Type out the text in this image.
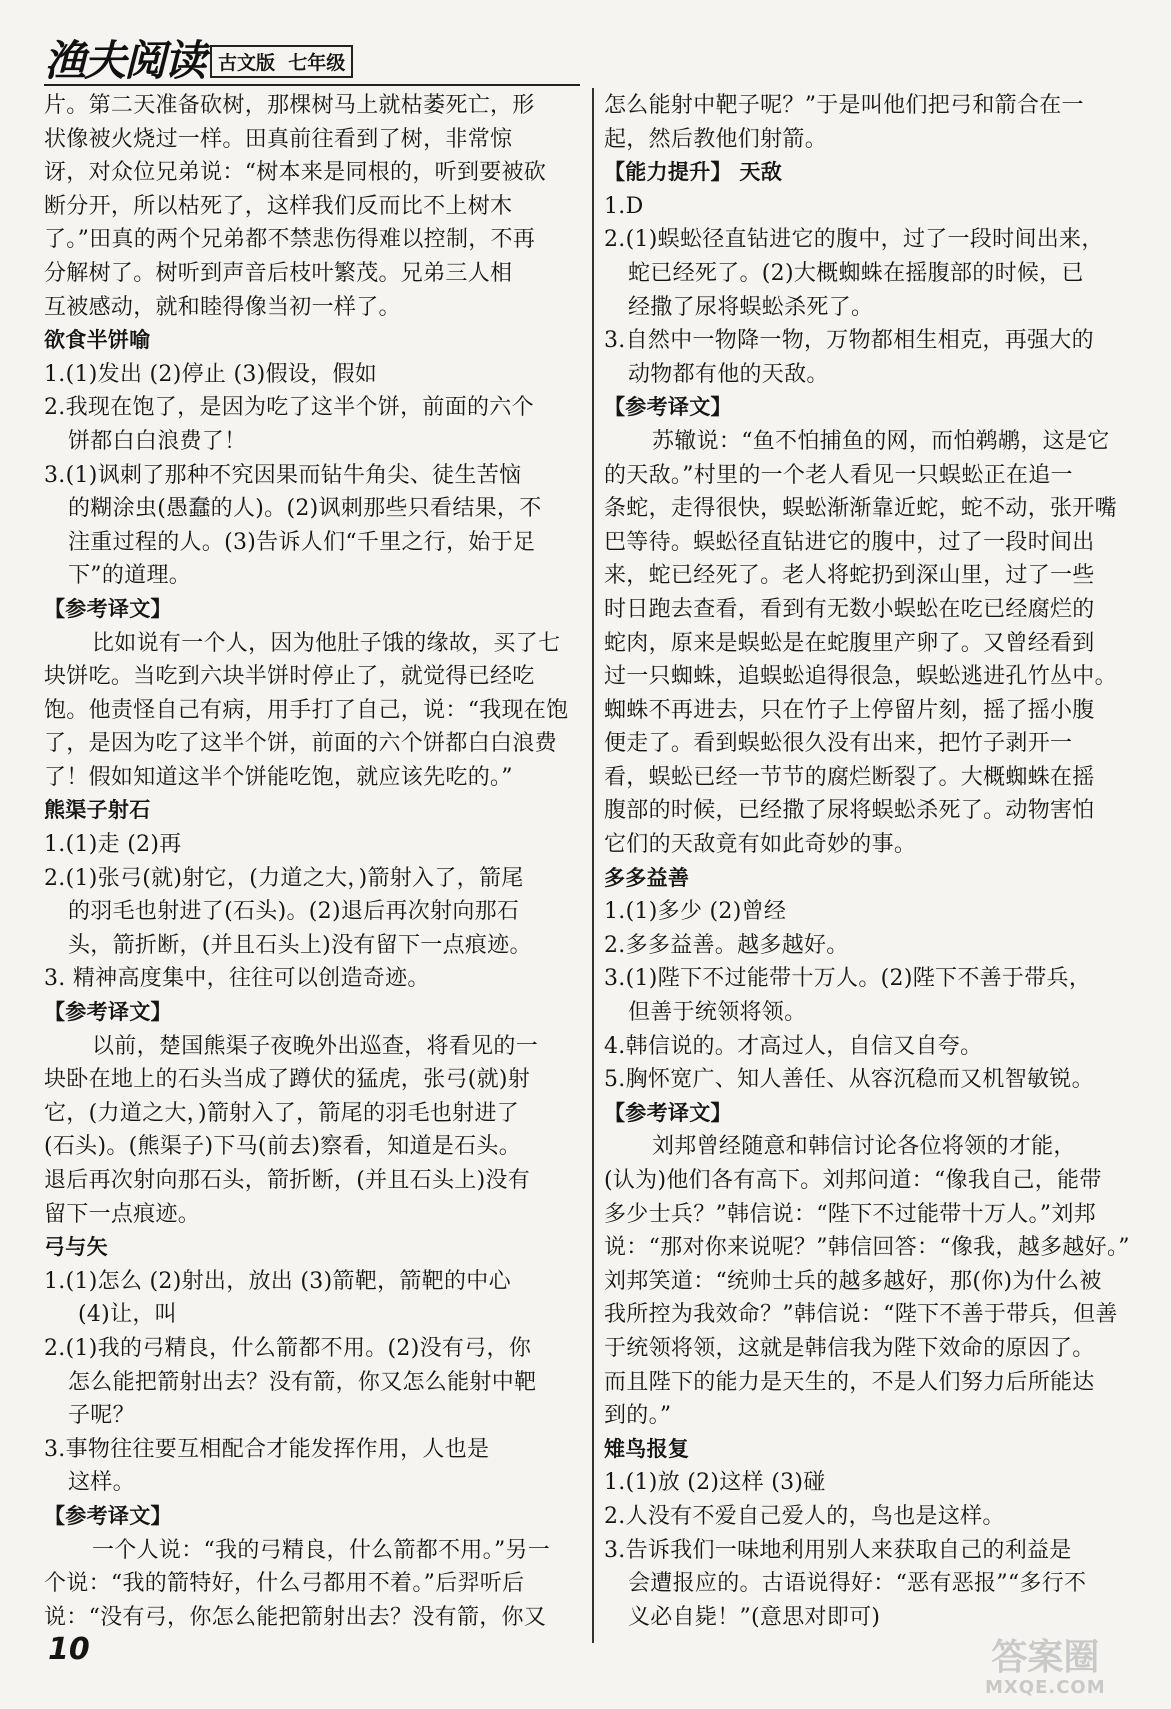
渔夫阅读 古文版  七年级
片。第二天准备砍树，那棵树马上就枯萎死亡，形
状像被火烧过一样。田真前往看到了树，非常惊
讶，对众位兄弟说：“树本来是同根的，听到要被砍
断分开，所以枯死了，这样我们反而比不上树木
了。”田真的两个兄弟都不禁悲伤得难以控制，不再
分解树了。树听到声音后枝叶繁茂。兄弟三人相
互被感动，就和睦得像当初一样了。
欲食半饼喻
1.(1)发出 (2)停止 (3)假设，假如
2.我现在饱了，是因为吃了这半个饼，前面的六个
饼都白白浪费了！
3.(1)讽刺了那种不究因果而钻牛角尖、徒生苦恼
的糊涂虫(愚蠢的人)。(2)讽刺那些只看结果，不
注重过程的人。(3)告诉人们“千里之行，始于足
下”的道理。
【参考译文】
比如说有一个人，因为他肚子饿的缘故，买了七
块饼吃。当吃到六块半饼时停止了，就觉得已经吃
饱。他责怪自己有病，用手打了自己，说：“我现在饱
了，是因为吃了这半个饼，前面的六个饼都白白浪费
了！假如知道这半个饼能吃饱，就应该先吃的。”
熊渠子射石
1.(1)走 (2)再
2.(1)张弓(就)射它，(力道之大，)箭射入了，箭尾
的羽毛也射进了(石头)。(2)退后再次射向那石
头，箭折断，(并且石头上)没有留下一点痕迹。
3. 精神高度集中，往往可以创造奇迹。
【参考译文】
以前，楚国熊渠子夜晚外出巡查，将看见的一
块卧在地上的石头当成了蹲伏的猛虎，张弓(就)射
它，(力道之大，)箭射入了，箭尾的羽毛也射进了
(石头)。(熊渠子)下马(前去)察看，知道是石头。
退后再次射向那石头，箭折断，(并且石头上)没有
留下一点痕迹。
弓与矢
1.(1)怎么 (2)射出，放出 (3)箭靶，箭靶的中心
(4)让，叫
2.(1)我的弓精良，什么箭都不用。(2)没有弓，你
怎么能把箭射出去？没有箭，你又怎么能射中靶
子呢？
3.事物往往要互相配合才能发挥作用，人也是
这样。
【参考译文】
一个人说：“我的弓精良，什么箭都不用。”另一
个说：“我的箭特好，什么弓都用不着。”后羿听后
说：“没有弓，你怎么能把箭射出去？没有箭，你又
怎么能射中靶子呢？”于是叫他们把弓和箭合在一
起，然后教他们射箭。
【能力提升】 天敌
1.D
2.(1)蜈蚣径直钻进它的腹中，过了一段时间出来，
蛇已经死了。(2)大概蜘蛛在摇腹部的时候，已
经撒了尿将蜈蚣杀死了。
3.自然中一物降一物，万物都相生相克，再强大的
动物都有他的天敌。
【参考译文】
苏辙说：“鱼不怕捕鱼的网，而怕鹈鹕，这是它
的天敌。”村里的一个老人看见一只蜈蚣正在追一
条蛇，走得很快，蜈蚣渐渐靠近蛇，蛇不动，张开嘴
巴等待。蜈蚣径直钻进它的腹中，过了一段时间出
来，蛇已经死了。老人将蛇扔到深山里，过了一些
时日跑去查看，看到有无数小蜈蚣在吃已经腐烂的
蛇肉，原来是蜈蚣是在蛇腹里产卵了。又曾经看到
过一只蜘蛛，追蜈蚣追得很急，蜈蚣逃进孔竹丛中。
蜘蛛不再进去，只在竹子上停留片刻，摇了摇小腹
便走了。看到蜈蚣很久没有出来，把竹子剥开一
看，蜈蚣已经一节节的腐烂断裂了。大概蜘蛛在摇
腹部的时候，已经撒了尿将蜈蚣杀死了。动物害怕
它们的天敌竟有如此奇妙的事。
多多益善
1.(1)多少 (2)曾经
2.多多益善。越多越好。
3.(1)陛下不过能带十万人。(2)陛下不善于带兵，
但善于统领将领。
4.韩信说的。才高过人，自信又自夸。
5.胸怀宽广、知人善任、从容沉稳而又机智敏锐。
【参考译文】
刘邦曾经随意和韩信讨论各位将领的才能，
(认为)他们各有高下。刘邦问道：“像我自己，能带
多少士兵？”韩信说：“陛下不过能带十万人。”刘邦
说：“那对你来说呢？”韩信回答：“像我，越多越好。”
刘邦笑道：“统帅士兵的越多越好，那(你)为什么被
我所控为我效命？”韩信说：“陛下不善于带兵，但善
于统领将领，这就是韩信我为陛下效命的原因了。
而且陛下的能力是天生的，不是人们努力后所能达
到的。”
雉鸟报复
1.(1)放 (2)这样 (3)碰
2.人没有不爱自己爱人的，鸟也是这样。
3.告诉我们一味地利用别人来获取自己的利益是
会遭报应的。古语说得好：“恶有恶报”“多行不
义必自毙！”(意思对即可)
10	答案圈
MXQE.COM
